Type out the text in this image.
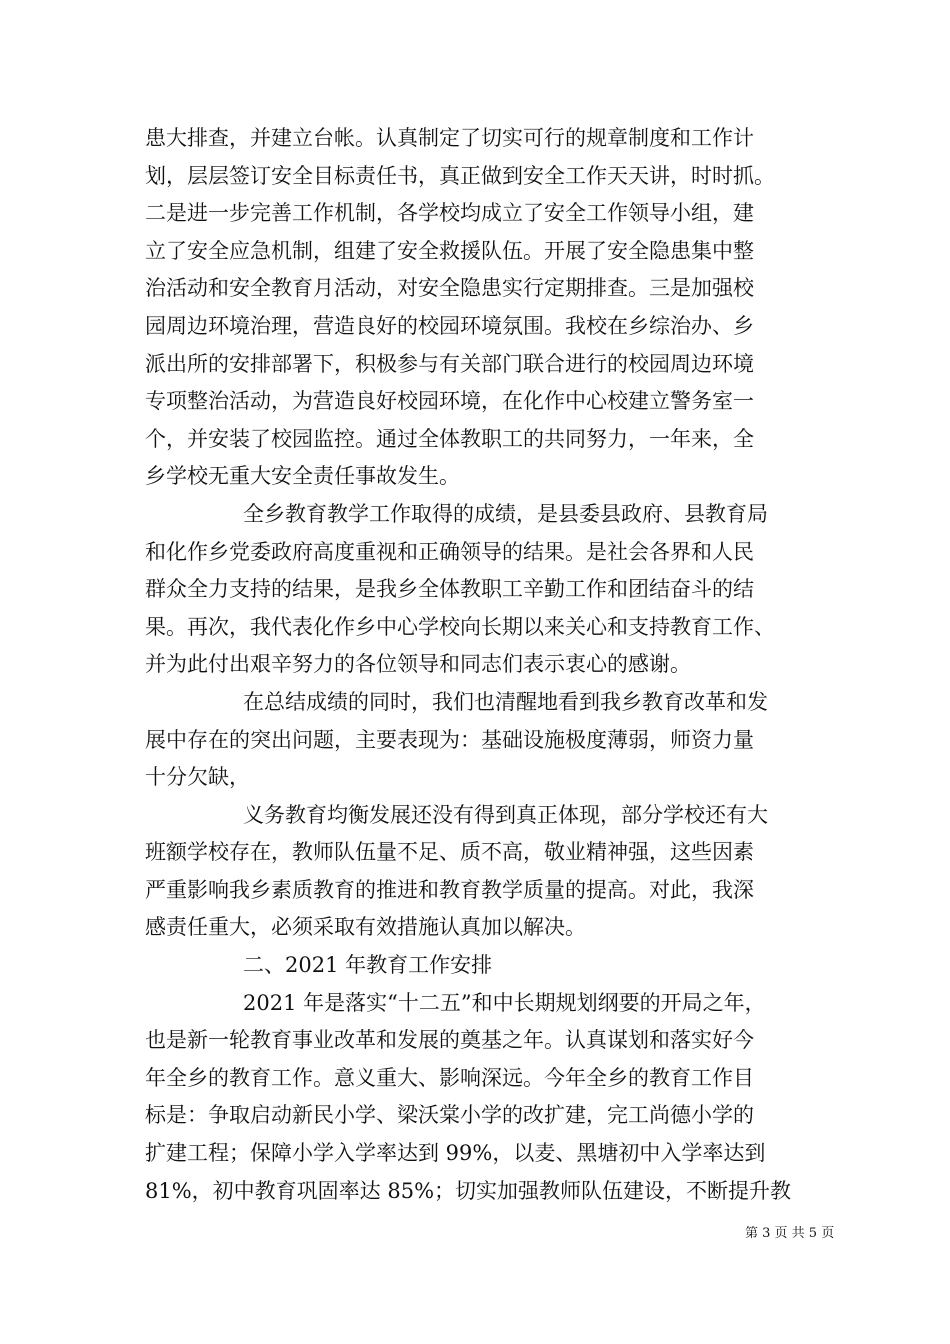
患大排查，并建立台帐。认真制定了切实可行的规章制度和工作计
划，层层签订安全目标责任书，真正做到安全工作天天讲，时时抓。
二是进一步完善工作机制，各学校均成立了安全工作领导小组，建
立了安全应急机制，组建了安全救援队伍。开展了安全隐患集中整
治活动和安全教育月活动，对安全隐患实行定期排查。三是加强校
园周边环境治理，营造良好的校园环境氛围。我校在乡综治办、乡
派出所的安排部署下，积极参与有关部门联合进行的校园周边环境
专项整治活动，为营造良好校园环境，在化作中心校建立警务室一
个，并安装了校园监控。通过全体教职工的共同努力，一年来，全
乡学校无重大安全责任事故发生。
全乡教育教学工作取得的成绩，是县委县政府、县教育局
和化作乡党委政府高度重视和正确领导的结果。是社会各界和人民
群众全力支持的结果，是我乡全体教职工辛勤工作和团结奋斗的结
果。再次，我代表化作乡中心学校向长期以来关心和支持教育工作、
并为此付出艰辛努力的各位领导和同志们表示衷心的感谢。
在总结成绩的同时，我们也清醒地看到我乡教育改革和发
展中存在的突出问题，主要表现为：基础设施极度薄弱，师资力量
十分欠缺，
义务教育均衡发展还没有得到真正体现，部分学校还有大
班额学校存在，教师队伍量不足、质不高，敬业精神强，这些因素
严重影响我乡素质教育的推进和教育教学质量的提高。对此，我深
感责任重大，必须采取有效措施认真加以解决。
二、2021 年教育工作安排
2021 年是落实“十二五”和中长期规划纲要的开局之年，
也是新一轮教育事业改革和发展的奠基之年。认真谋划和落实好今
年全乡的教育工作。意义重大、影响深远。今年全乡的教育工作目
标是：争取启动新民小学、梁沃棠小学的改扩建，完工尚德小学的
扩建工程；保障小学入学率达到 99%，以麦、黑塘初中入学率达到
81%，初中教育巩固率达 85%；切实加强教师队伍建设，不断提升教
第 3 页 共 5 页
